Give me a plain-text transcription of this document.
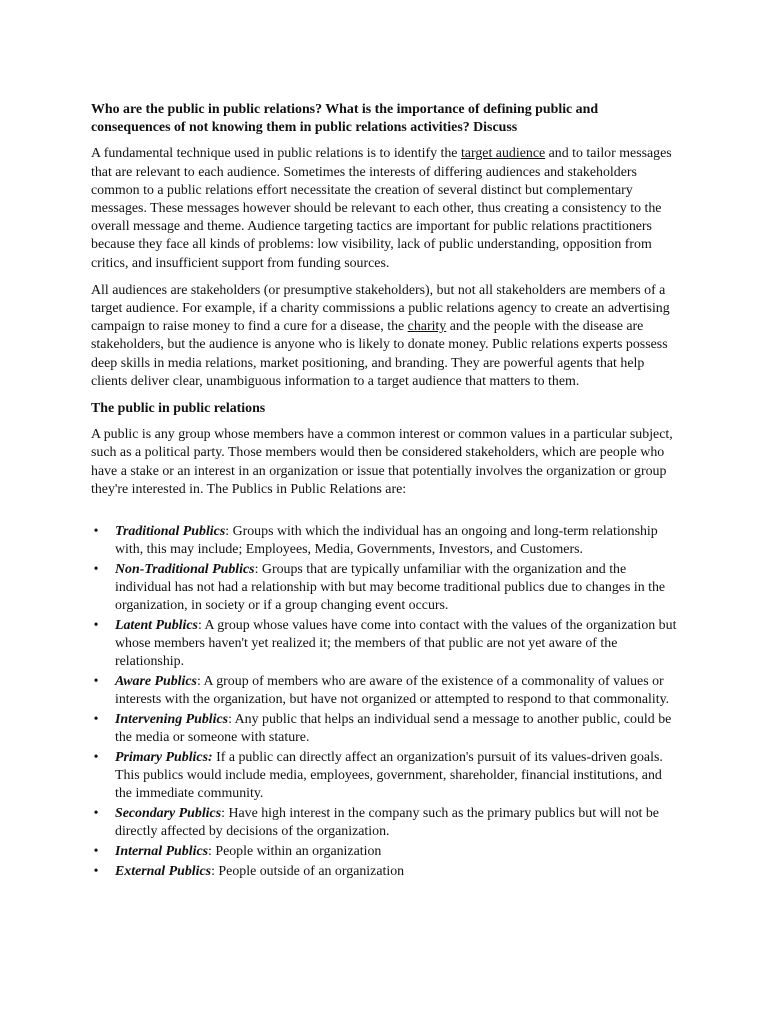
Who are the public in public relations? What is the importance of defining public and consequences of not knowing them in public relations activities? Discuss

A fundamental technique used in public relations is to identify the target audience and to tailor messages that are relevant to each audience. Sometimes the interests of differing audiences and stakeholders common to a public relations effort necessitate the creation of several distinct but complementary messages. These messages however should be relevant to each other, thus creating a consistency to the overall message and theme. Audience targeting tactics are important for public relations practitioners because they face all kinds of problems: low visibility, lack of public understanding, opposition from critics, and insufficient support from funding sources.

All audiences are stakeholders (or presumptive stakeholders), but not all stakeholders are members of a target audience. For example, if a charity commissions a public relations agency to create an advertising campaign to raise money to find a cure for a disease, the charity and the people with the disease are stakeholders, but the audience is anyone who is likely to donate money. Public relations experts possess deep skills in media relations, market positioning, and branding. They are powerful agents that help clients deliver clear, unambiguous information to a target audience that matters to them.

The public in public relations

A public is any group whose members have a common interest or common values in a particular subject, such as a political party. Those members would then be considered stakeholders, which are people who have a stake or an interest in an organization or issue that potentially involves the organization or group they're interested in. The Publics in Public Relations are:

• Traditional Publics: Groups with which the individual has an ongoing and long-term relationship with, this may include; Employees, Media, Governments, Investors, and Customers.
• Non-Traditional Publics: Groups that are typically unfamiliar with the organization and the individual has not had a relationship with but may become traditional publics due to changes in the organization, in society or if a group changing event occurs.
• Latent Publics: A group whose values have come into contact with the values of the organization but whose members haven't yet realized it; the members of that public are not yet aware of the relationship.
• Aware Publics: A group of members who are aware of the existence of a commonality of values or interests with the organization, but have not organized or attempted to respond to that commonality.
• Intervening Publics: Any public that helps an individual send a message to another public, could be the media or someone with stature.
• Primary Publics: If a public can directly affect an organization's pursuit of its values-driven goals. This publics would include media, employees, government, shareholder, financial institutions, and the immediate community.
• Secondary Publics: Have high interest in the company such as the primary publics but will not be directly affected by decisions of the organization.
• Internal Publics: People within an organization
• External Publics: People outside of an organization
